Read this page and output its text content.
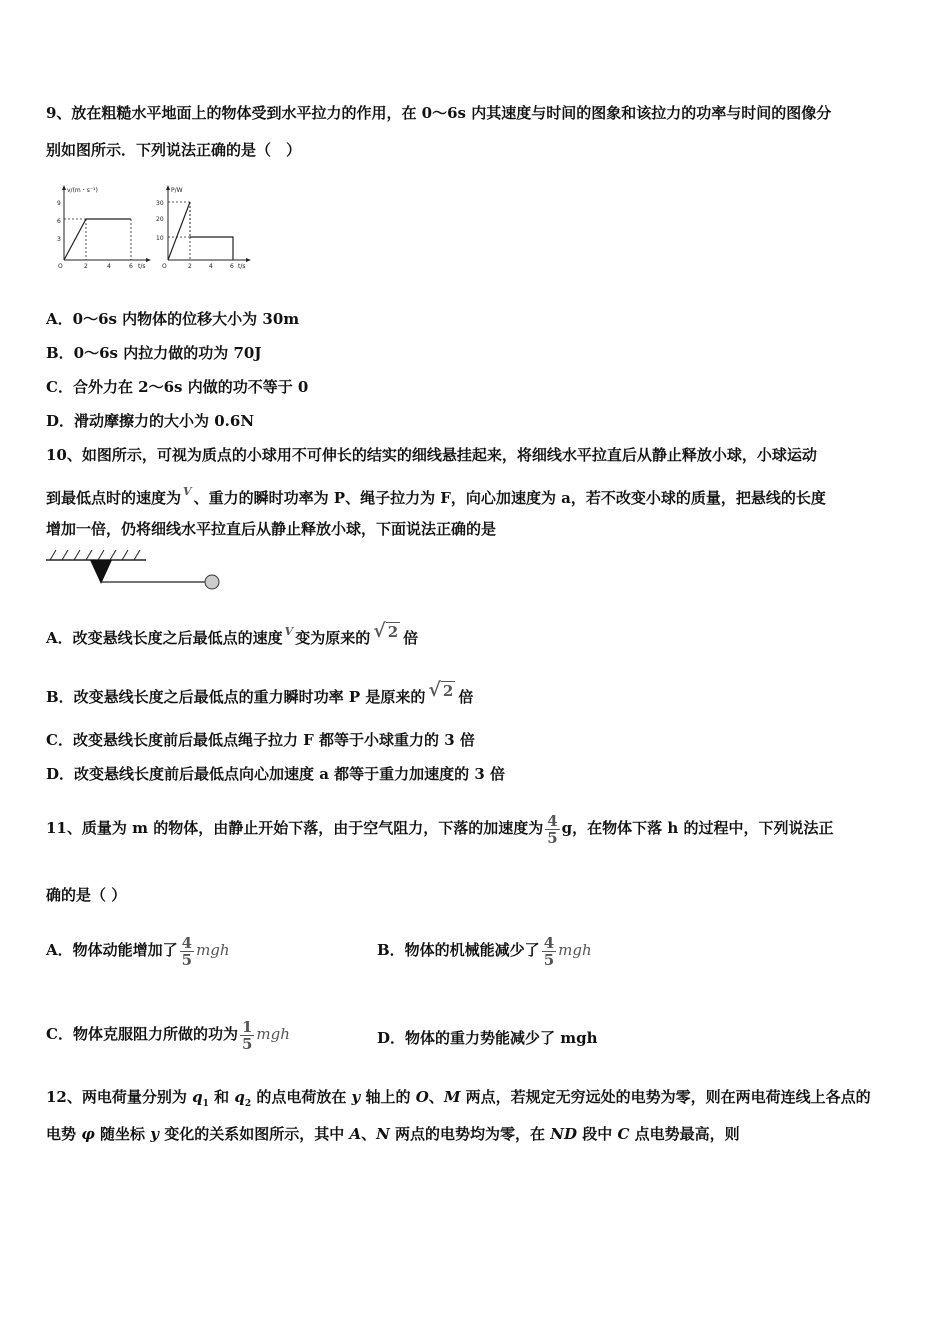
9、放在粗糙水平地面上的物体受到水平拉力的作用，在 0～6s 内其速度与时间的图象和该拉力的功率与时间的图像分
别如图所示．下列说法正确的是（　）
v/(m・s⁻¹)
9
6
3
O	2	4	6 t/s
P/W
30
20
10
O	2	4	6 t/s
A．0～6s 内物体的位移大小为 30m
B．0～6s 内拉力做的功为 70J
C．合外力在 2～6s 内做的功不等于 0
D．滑动摩擦力的大小为 0.6N
10、如图所示，可视为质点的小球用不可伸长的结实的细线悬挂起来，将细线水平拉直后从静止释放小球，小球运动
到最低点时的速度为 $^V$ 、重力的瞬时功率为 P、绳子拉力为 F，向心加速度为 a，若不改变小球的质量，把悬线的长度
增加一倍，仍将细线水平拉直后从静止释放小球，下面说法正确的是
A．改变悬线长度之后最低点的速度 $^V$ 变为原来的 √ 2 倍
B．改变悬线长度之后最低点的重力瞬时功率 P 是原来的 √ 2 倍
C．改变悬线长度前后最低点绳子拉力 F 都等于小球重力的 3 倍
D．改变悬线长度前后最低点向心加速度 a 都等于重力加速度的 3 倍
11、质量为 m 的物体，由静止开始下落，由于空气阻力，下落的加速度为 $\frac{4}{5}$ g，在物体下落 h 的过程中，下列说法正
确的是（ ）
A．物体动能增加了 $\frac{4}{5}$ mgh	B．物体的机械能减少了 $\frac{4}{5}$ mgh
C．物体克服阻力所做的功为 $\frac{1}{5}$ mgh	D．物体的重力势能减少了 mgh
12、两电荷量分别为 $q_1$ 和 $q_2$ 的点电荷放在 y 轴上的 O、M 两点，若规定无穷远处的电势为零，则在两电荷连线上各点的
电势 φ 随坐标 y 变化的关系如图所示，其中 A、N 两点的电势均为零，在 ND 段中 C 点电势最高，则
